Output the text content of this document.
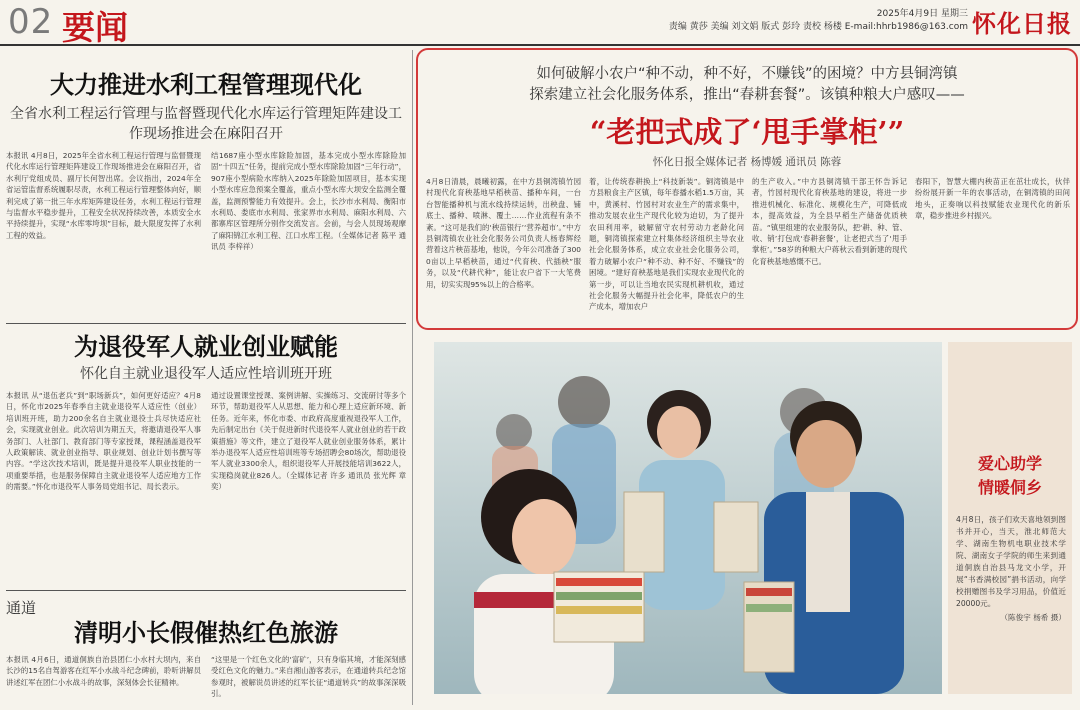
02 要闻	2025年4月9日 星期三
责编 黄莎 美编 刘文娟 版式 彭玲 责校 杨楼 E-mail:hhrb1986@163.com 怀化日报
大力推进水利工程管理现代化
全省水利工程运行管理与监督暨现代化水库运行管理矩阵建设工作现场推进会在麻阳召开
本报讯 4月8日，2025年全省水利工程运行管理与监督暨现代化水库运行管理矩阵建设工作现场推进会在麻阳召开，省水利厅党组成员、副厅长何智出席。会议指出，2024年全省运管监督系统履职尽责，水利工程运行管理整体向好，顺利完成了第一批三年水库矩阵建设任务，水利工程运行管理与监督水平稳步提升，工程安全状况持续改善，本质安全水平持续提升，实现“水库零垮坝”目标，最大限度发挥了水利工程的效益。
结1687座小型水库除险加固，基本完成小型水库除险加固“十四五”任务，提前完成小型水库除险加固“三年行动”，907座小型病险水库纳入2025年除险加固项目，基本实现小型水库应急预案全覆盖，重点小型水库大坝安全监测全覆盖，监测预警能力有效提升。会上，长沙市水利局、衡阳市水利局、娄底市水利局、张家界市水利局、麻阳水利局、六都寨库区管理所分别作交流发言。会前，与会人员现场观摩了麻阳锦江水利工程、江口水库工程。（全媒体记者 陈平 通讯员 李梓祥）
为退役军人就业创业赋能
怀化自主就业退役军人适应性培训班开班
本报讯 从“退伍老兵”到“职场新兵”，如何更好适应？4月8日，怀化市2025年春季自主就业退役军人适应性（创业）培训班开班，助力200余名自主就业退役士兵尽快适应社会，实现就业创业。此次培训为期五天，将邀请退役军人事务部门、人社部门、教育部门等专家授课，课程涵盖退役军人政策解读、就业创业指导、职业规划、创业计划书撰写等内容。“学这次技术培训，既是提升退役军人职业技能的一项重要举措，也是服务保障自主就业退役军人适应地方工作的需要。”怀化市退役军人事务局党组书记、局长表示。
通过设置课堂授课、案例讲解、实操练习、交流研讨等多个环节，帮助退役军人从思想、能力和心理上适应新环境、新任务。近年来，怀化市委、市政府高度重视退役军人工作，先后制定出台《关于促进新时代退役军人就业创业的若干政策措施》等文件，建立了退役军人就业创业服务体系，累计举办退役军人适应性培训班等专场招聘会80场次，帮助退役军人就业3300余人，组织退役军人开展技能培训3622人，实现稳岗就业826人。（全媒体记者 许多 通讯员 张光辉 章奕）
通道
清明小长假催热红色旅游
本报讯 4月6日，通道侗族自治县团仁小水村大坝内，来自长沙的15名自驾游客在红军小水战斗纪念碑前，聆听讲解员讲述红军在团仁小水战斗的故事，深刻体会长征精神。
“这里是一个红色文化的‘富矿’，只有身临其境，才能深刻感受红色文化的魅力。”来自湘山游客表示，在通道转兵纪念馆参观时，被解说员讲述的红军长征“通道转兵”的故事深深吸引。
如何破解小农户“种不动，种不好，不赚钱”的困境？中方县铜湾镇
探索建立社会化服务体系，推出“春耕套餐”。该镇种粮大户感叹——
“老把式成了‘甩手掌柜’”
怀化日报全媒体记者 杨博媛 通讯员 陈蓉
4月8日清晨，晨曦初露，在中方县铜湾镇竹园村现代化育秧基地早稻秧苗、播种车间，一台台智能播种机与流水线持续运转，出秧盘、铺底土、播种、喷淋、覆土……作业流程有条不紊。“这可是我们的‘秧苗银行’‘营养超市’。”中方县铜湾镇农业社会化服务公司负责人杨春辉经营着这片秧苗基地，他说，今年公司准备了3000亩以上早稻秧苗，通过“代育秧、代插秧”服务，以及“代耕代种”，能让农户省下一大笔费用，切实实现95%以上的合格率。
着，让传统春耕换上“科技新装”。铜湾镇是中方县粮食主产区镇，每年春播水稻1.5万亩，其中，黄溪村、竹园村对农业生产的需求集中，推动发展农业生产现代化较为迫切，为了提升农田利用率，破解留守农村劳动力老龄化问题，铜湾镇探索建立村集体经济组织主导农业社会化服务体系，成立农业社会化服务公司，着力破解小农户“种不动、种不好、不赚钱”的困境。“建好育秧基地是我们实现农业现代化的第一步，可以让当地农民实现机耕机收，通过社会化服务大幅提升社会化率，降低农户的生产成本，增加农户
的生产收入。”中方县铜湾镇干部王怀告诉记者，竹园村现代化育秧基地的建设，将进一步推进机械化、标准化、规模化生产，可降低成本，提高效益，为全县早稻生产储备优质秧苗。“镇里组建的农业服务队，把‘耕、种、管、收、销’打包成‘春耕套餐’，让老把式当了‘甩手掌柜’。”58岁的种粮大户蒋秋云看到新建的现代化育秧基地感慨不已。
春阳下，智慧大棚内秧苗正在茁壮成长，伙伴纷纷展开新一年的农事活动，在铜湾镇的田间地头，正奏响以科技赋能农业现代化的新乐章，稳步推进乡村振兴。
爱心助学
情暖侗乡
4月8日，孩子们欢天喜地领到图书并开心，当天，淮北师范大学、湖南生物机电职业技术学院、湖南女子学院的师生来到通道侗族自治县马龙文小学，开展“书香满校园”捐书活动，向学校捐赠图书及学习用品，价值近20000元。
（陈俊宇 杨希 摄）
